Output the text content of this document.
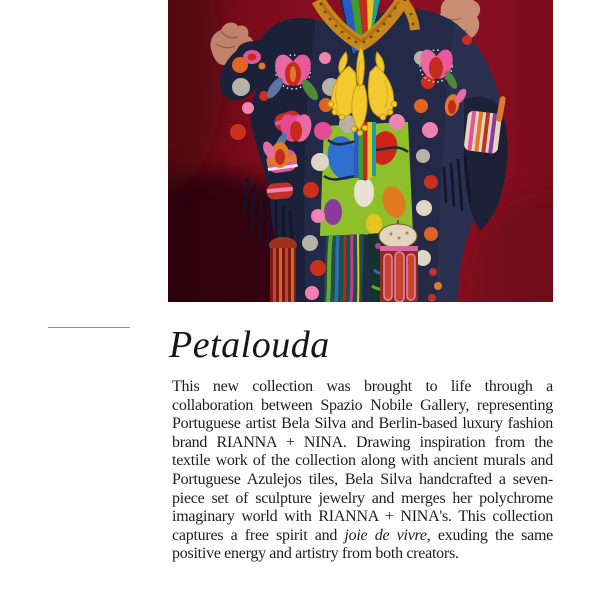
Petalouda

This new collection was brought to life through a collaboration between Spazio Nobile Gallery, representing Portuguese artist Bela Silva and Berlin-based luxury fashion brand RIANNA + NINA. Drawing inspiration from the textile work of the collection along with ancient murals and Portuguese Azulejos tiles, Bela Silva handcrafted a seven-piece set of sculpture jewelry and merges her polychrome imaginary world with RIANNA + NINA's. This collection captures a free spirit and joie de vivre, exuding the same positive energy and artistry from both creators.
